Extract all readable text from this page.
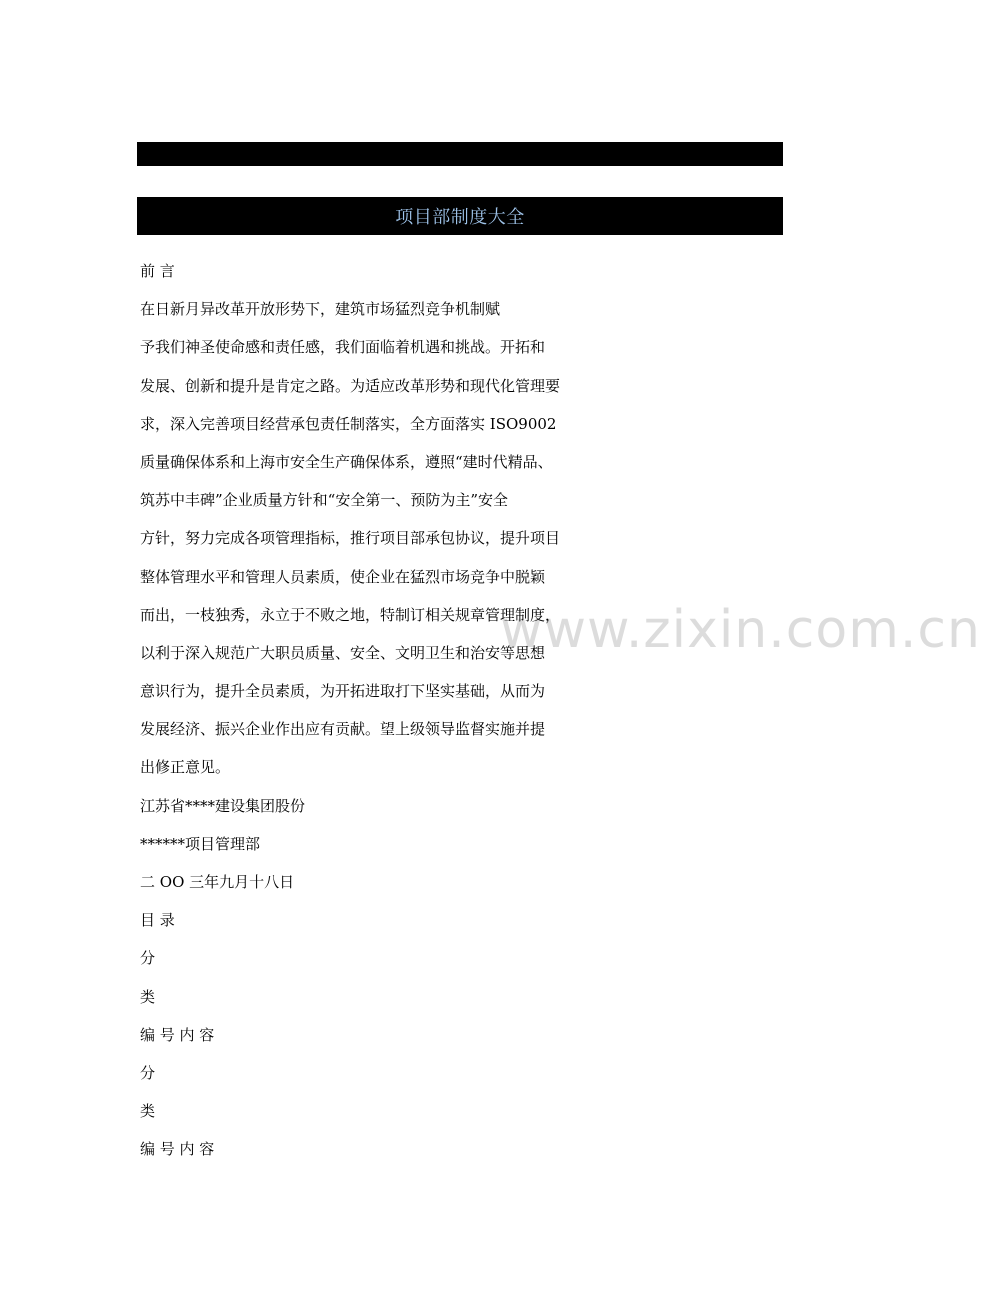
项目部制度大全
www.zixin.com.cn
前 言
在日新月异改革开放形势下，建筑市场猛烈竞争机制赋
予我们神圣使命感和责任感，我们面临着机遇和挑战。开拓和
发展、创新和提升是肯定之路。为适应改革形势和现代化管理要
求，深入完善项目经营承包责任制落实，全方面落实 ISO9002
质量确保体系和上海市安全生产确保体系，遵照“建时代精品、
筑苏中丰碑”企业质量方针和“安全第一、预防为主”安全
方针，努力完成各项管理指标，推行项目部承包协议，提升项目
整体管理水平和管理人员素质，使企业在猛烈市场竞争中脱颖
而出，一枝独秀，永立于不败之地，特制订相关规章管理制度，
以利于深入规范广大职员质量、安全、文明卫生和治安等思想
意识行为，提升全员素质，为开拓进取打下坚实基础，从而为
发展经济、振兴企业作出应有贡献。望上级领导监督实施并提
出修正意见。
江苏省****建设集团股份
******项目管理部
二 OO 三年九月十八日
目 录
分
类
编 号 内 容
分
类
编 号 内 容
